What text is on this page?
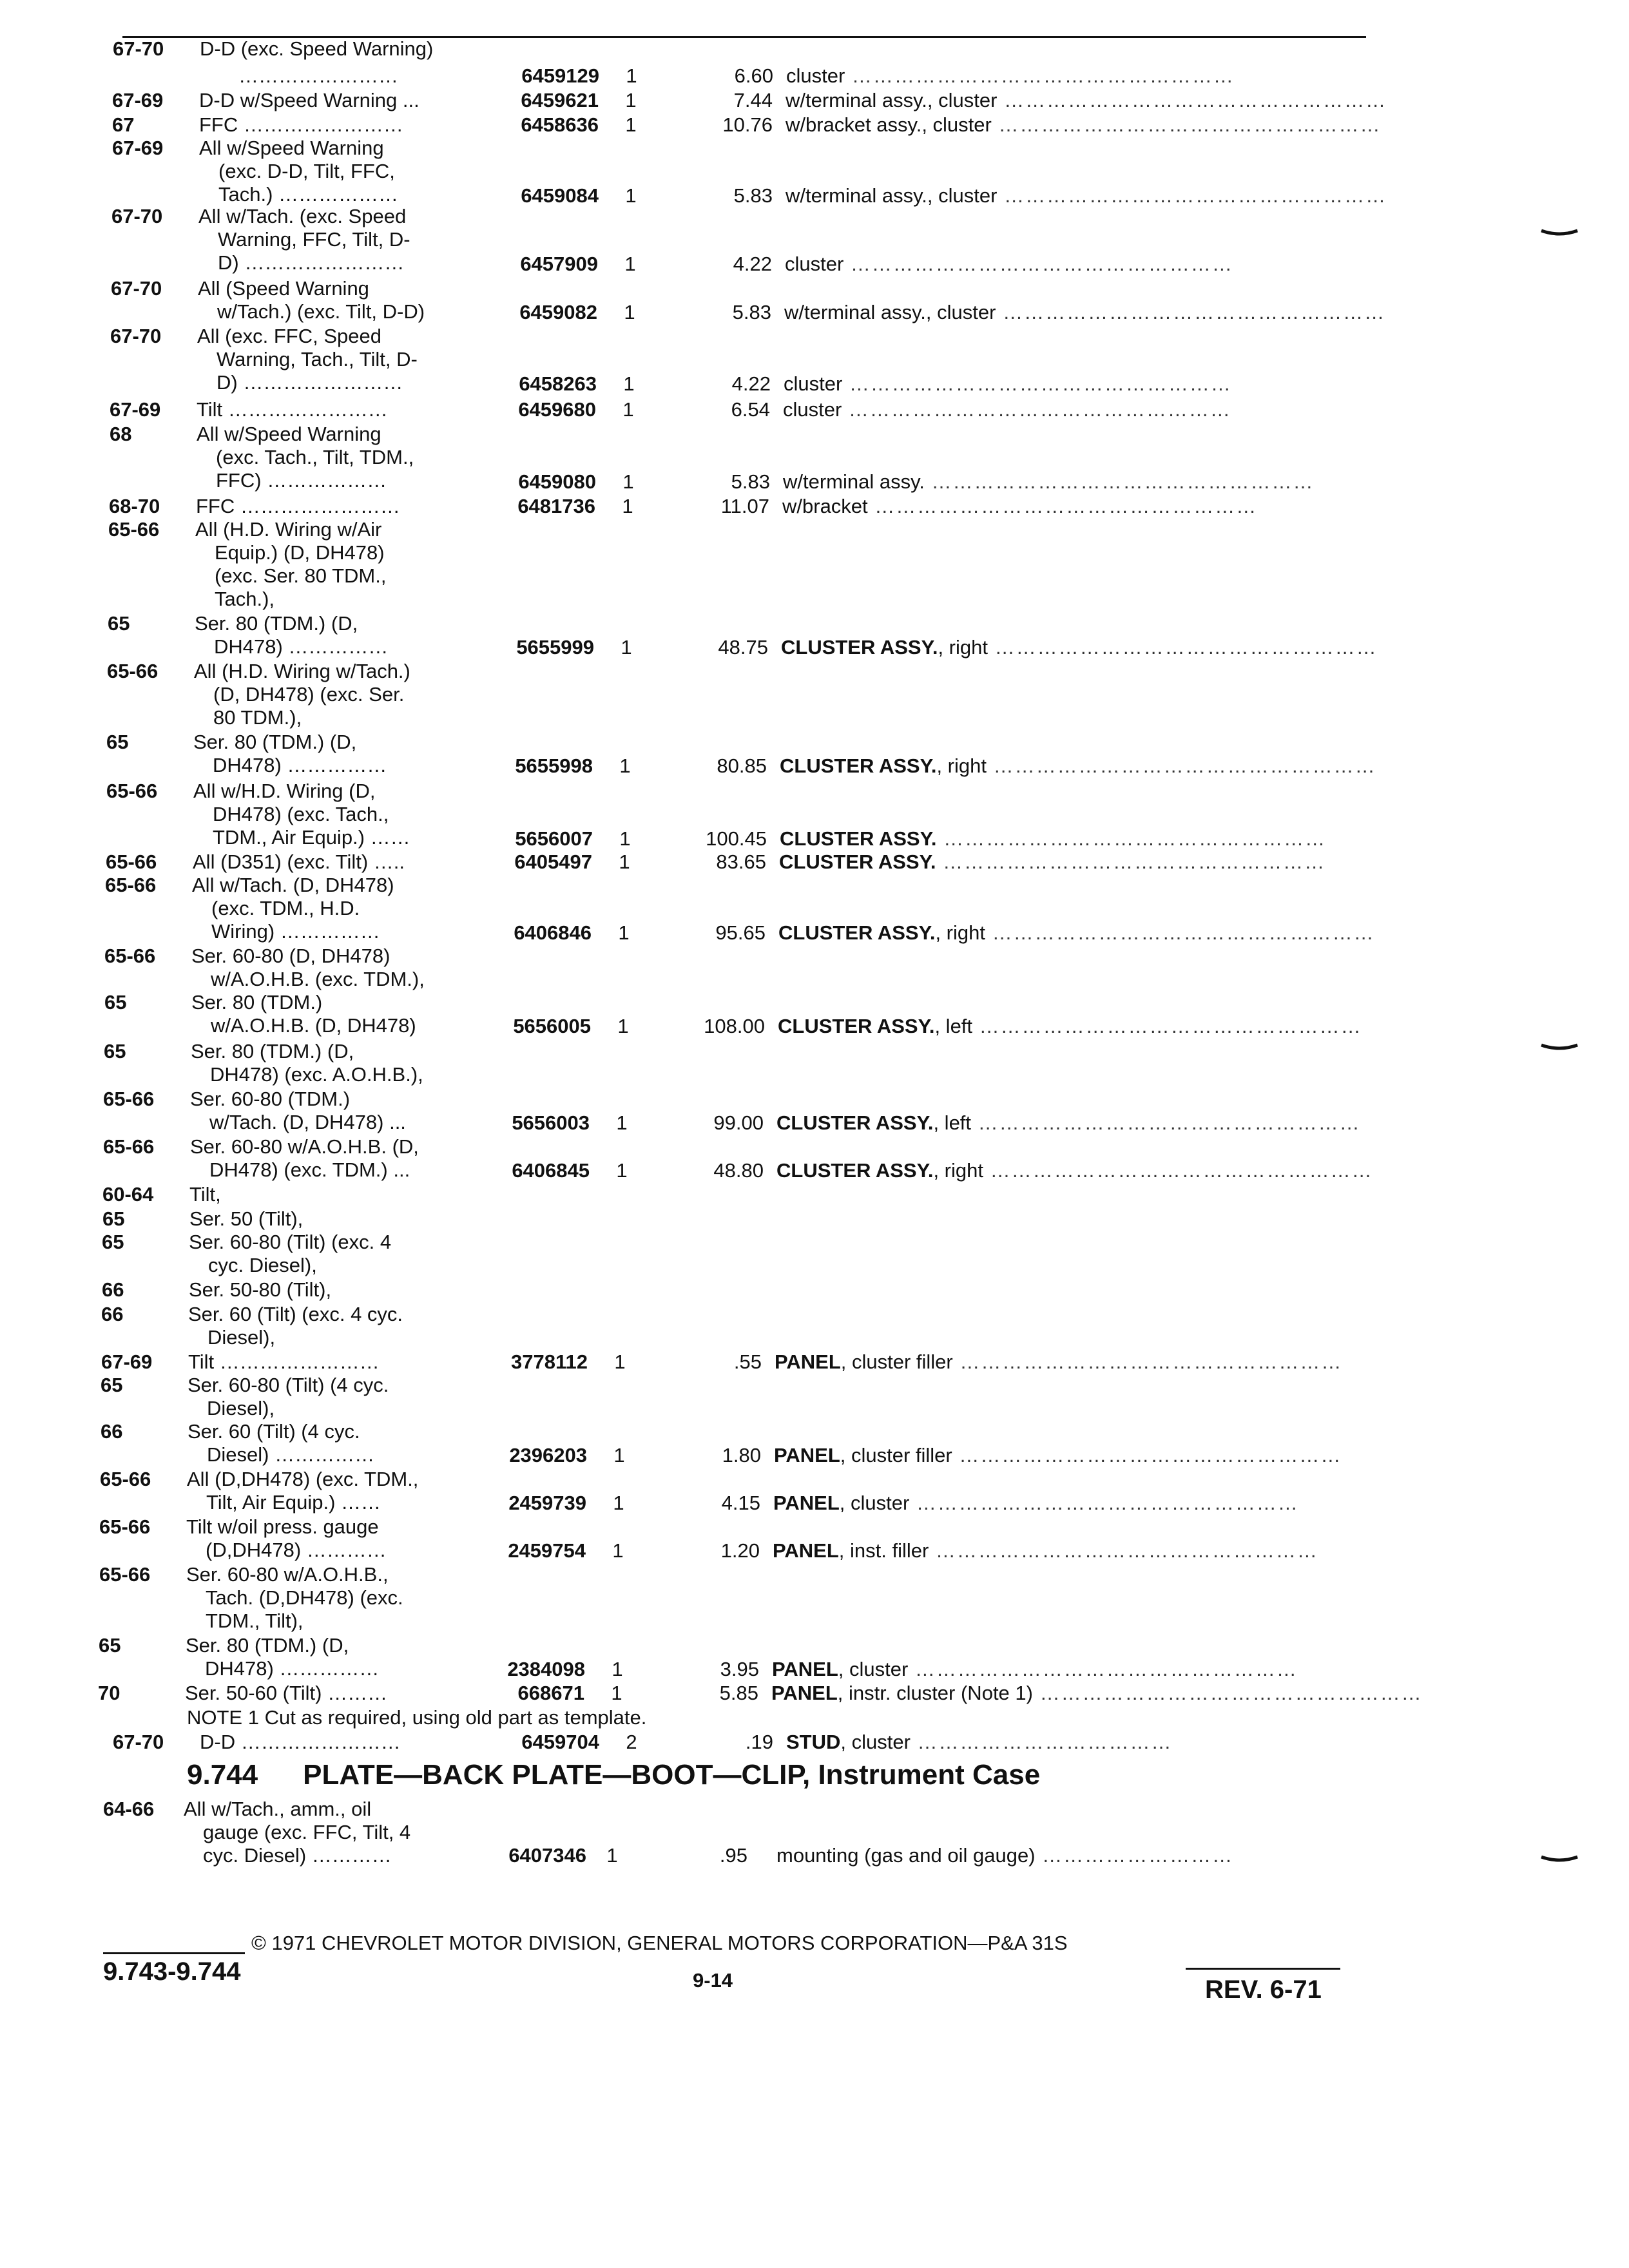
67-70	D-D (exc. Speed Warning)
……………………	6459129	1	6.60 cluster ………………………………………………
67-69	D-D w/Speed Warning ...	6459621	1	7.44 w/terminal assy., cluster ………………………………………………
67	FFC ……………………	6458636	1	10.76 w/bracket assy., cluster ………………………………………………
67-69	All w/Speed Warning
(exc. D-D, Tilt, FFC,
Tach.) ………………	6459084	1	5.83 w/terminal assy., cluster ………………………………………………
67-70	All w/Tach. (exc. Speed
Warning, FFC, Tilt, D-
D) ……………………	6457909	1	4.22 cluster ………………………………………………
67-70	All (Speed Warning
w/Tach.) (exc. Tilt, D-D)	6459082	1	5.83 w/terminal assy., cluster ………………………………………………
67-70	All (exc. FFC, Speed
Warning, Tach., Tilt, D-
D) ……………………	6458263	1	4.22 cluster ………………………………………………
67-69	Tilt ……………………	6459680	1	6.54 cluster ………………………………………………
68	All w/Speed Warning
(exc. Tach., Tilt, TDM.,
FFC) ………………	6459080	1	5.83 w/terminal assy. ………………………………………………
68-70	FFC ……………………	6481736	1	11.07 w/bracket ………………………………………………
65-66	All (H.D. Wiring w/Air
Equip.) (D, DH478)
(exc. Ser. 80 TDM.,
Tach.),
65	Ser. 80 (TDM.) (D,
DH478) ……………	5655999	1	48.75 CLUSTER ASSY., right ………………………………………………
65-66	All (H.D. Wiring w/Tach.)
(D, DH478) (exc. Ser.
80 TDM.),
65	Ser. 80 (TDM.) (D,
DH478) ……………	5655998	1	80.85 CLUSTER ASSY., right ………………………………………………
65-66	All w/H.D. Wiring (D,
DH478) (exc. Tach.,
TDM., Air Equip.) ……	5656007	1	100.45 CLUSTER ASSY. ………………………………………………
65-66	All (D351) (exc. Tilt) …..	6405497	1	83.65 CLUSTER ASSY. ………………………………………………
65-66	All w/Tach. (D, DH478)
(exc. TDM., H.D.
Wiring) ……………	6406846	1	95.65 CLUSTER ASSY., right ………………………………………………
65-66	Ser. 60-80 (D, DH478)
w/A.O.H.B. (exc. TDM.),
65	Ser. 80 (TDM.)
w/A.O.H.B. (D, DH478)	5656005	1	108.00 CLUSTER ASSY., left ………………………………………………
65	Ser. 80 (TDM.) (D,
DH478) (exc. A.O.H.B.),
65-66	Ser. 60-80 (TDM.)
w/Tach. (D, DH478) ...	5656003	1	99.00 CLUSTER ASSY., left ………………………………………………
65-66	Ser. 60-80 w/A.O.H.B. (D,
DH478) (exc. TDM.) ...	6406845	1	48.80 CLUSTER ASSY., right ………………………………………………
60-64	Tilt,
65	Ser. 50 (Tilt),
65	Ser. 60-80 (Tilt) (exc. 4
cyc. Diesel),
66	Ser. 50-80 (Tilt),
66	Ser. 60 (Tilt) (exc. 4 cyc.
Diesel),
67-69	Tilt ……………………	3778112	1	.55 PANEL, cluster filler ………………………………………………
65	Ser. 60-80 (Tilt) (4 cyc.
Diesel),
66	Ser. 60 (Tilt) (4 cyc.
Diesel) ……………	2396203	1	1.80 PANEL, cluster filler ………………………………………………
65-66	All (D,DH478) (exc. TDM.,
Tilt, Air Equip.) ……	2459739	1	4.15 PANEL, cluster ………………………………………………
65-66	Tilt w/oil press. gauge
(D,DH478) …………	2459754	1	1.20 PANEL, inst. filler ………………………………………………
65-66	Ser. 60-80 w/A.O.H.B.,
Tach. (D,DH478) (exc.
TDM., Tilt),
65	Ser. 80 (TDM.) (D,
DH478) ……………	2384098	1	3.95 PANEL, cluster ………………………………………………
70	Ser. 50-60 (Tilt) ………	668671	1	5.85 PANEL, instr. cluster (Note 1) ………………………………………………
NOTE 1 Cut as required, using old part as template.
67-70	D-D ……………………	6459704	2	.19 STUD, cluster ………………………………
9.744 PLATE—BACK PLATE—BOOT—CLIP, Instrument Case
64-66	All w/Tach., amm., oil
gauge (exc. FFC, Tilt, 4
cyc. Diesel) …………	6407346	1	.95 mounting (gas and oil gauge) ………………………
© 1971 CHEVROLET MOTOR DIVISION, GENERAL MOTORS CORPORATION—P&A 31S
9.743-9.744	9-14	REV. 6-71
